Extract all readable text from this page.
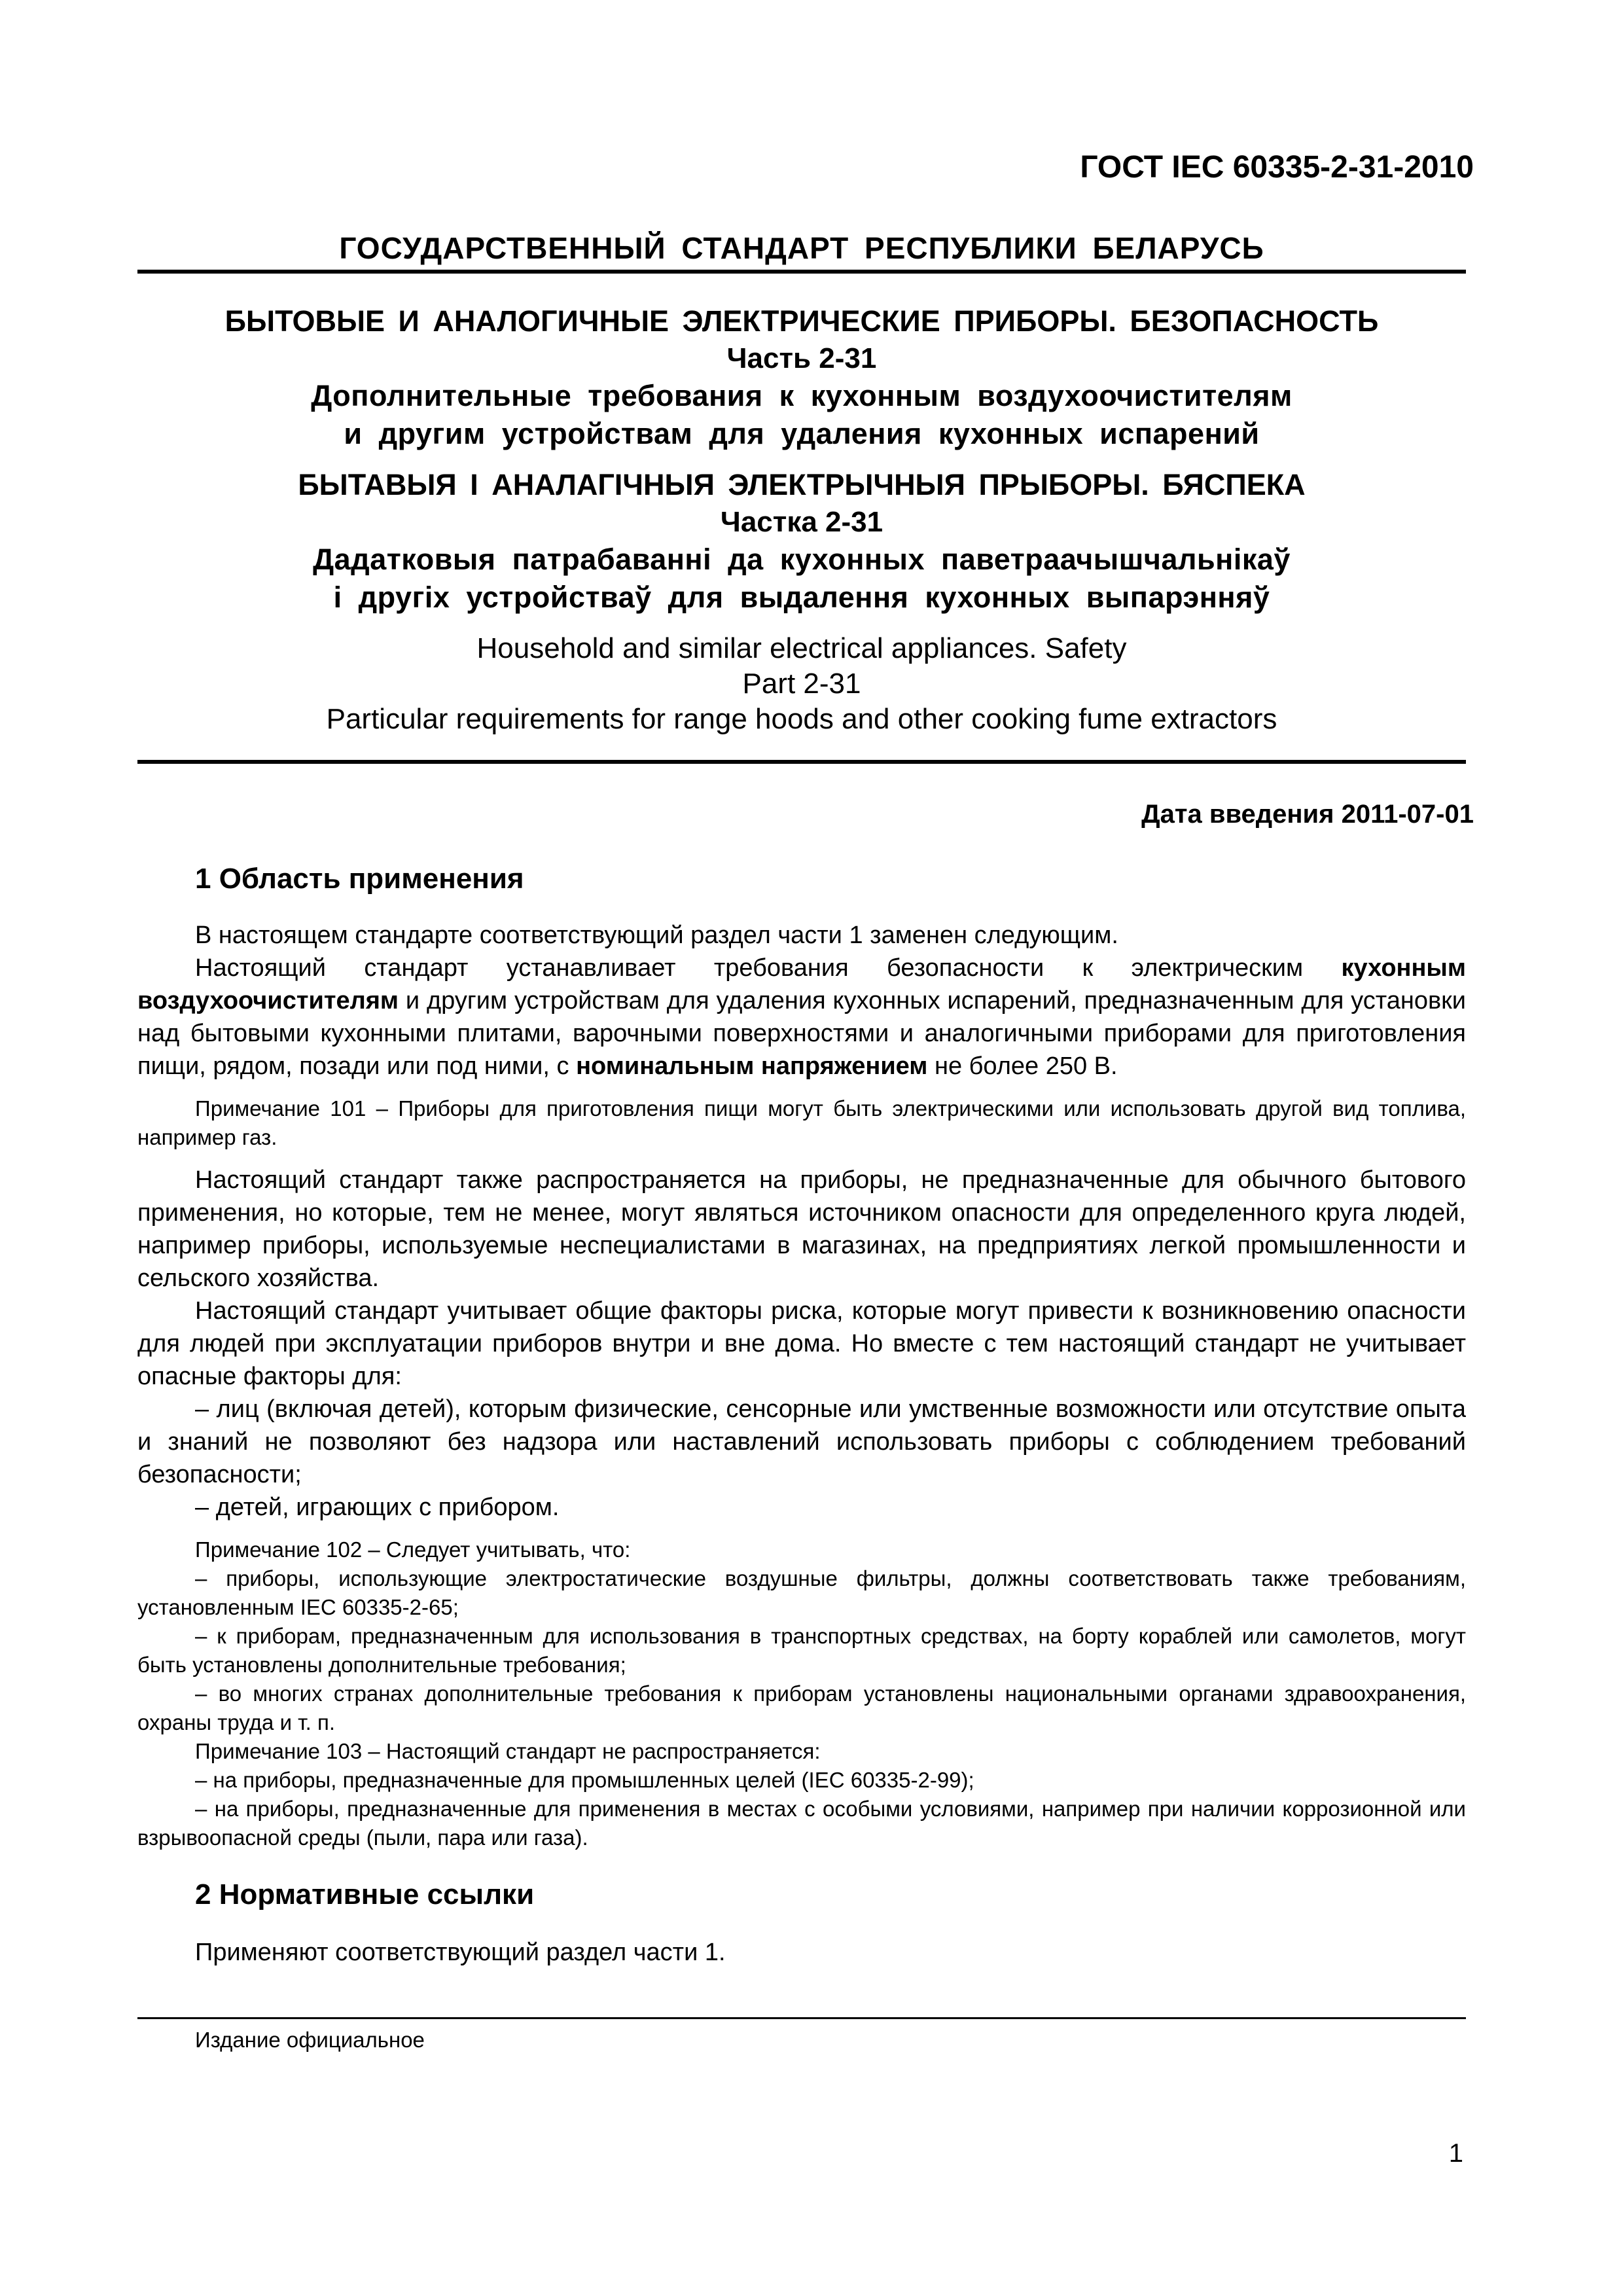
ГОСТ IEC 60335-2-31-2010
ГОСУДАРСТВЕННЫЙ СТАНДАРТ РЕСПУБЛИКИ БЕЛАРУСЬ
БЫТОВЫЕ И АНАЛОГИЧНЫЕ ЭЛЕКТРИЧЕСКИЕ ПРИБОРЫ. БЕЗОПАСНОСТЬ
Часть 2-31
Дополнительные требования к кухонным воздухоочистителям
и другим устройствам для удаления кухонных испарений
БЫТАВЫЯ І АНАЛАГІЧНЫЯ ЭЛЕКТРЫЧНЫЯ ПРЫБОРЫ. БЯСПЕКА
Частка 2-31
Дадатковыя патрабаванні да кухонных паветраачышчальнікаў
і другіх устройстваў для выдалення кухонных выпарэнняў
Household and similar electrical appliances. Safety
Part 2-31
Particular requirements for range hoods and other cooking fume extractors
Дата введения 2011-07-01
1 Область применения

В настоящем стандарте соответствующий раздел части 1 заменен следующим.

Настоящий стандарт устанавливает требования безопасности к электрическим кухонным воздухоочистителям и другим устройствам для удаления кухонных испарений, предназначенным для установки над бытовыми кухонными плитами, варочными поверхностями и аналогичными приборами для приготовления пищи, рядом, позади или под ними, с номинальным напряжением не более 250 В.

Примечание 101 – Приборы для приготовления пищи могут быть электрическими или использовать другой вид топлива, например газ.

Настоящий стандарт также распространяется на приборы, не предназначенные для обычного бытового применения, но которые, тем не менее, могут являться источником опасности для определенного круга людей, например приборы, используемые неспециалистами в магазинах, на предприятиях легкой промышленности и сельского хозяйства.

Настоящий стандарт учитывает общие факторы риска, которые могут привести к возникновению опасности для людей при эксплуатации приборов внутри и вне дома. Но вместе с тем настоящий стандарт не учитывает опасные факторы для:

– лиц (включая детей), которым физические, сенсорные или умственные возможности или отсутствие опыта и знаний не позволяют без надзора или наставлений использовать приборы с соблюдением требований безопасности;

– детей, играющих с прибором.

Примечание 102 – Следует учитывать, что:

– приборы, использующие электростатические воздушные фильтры, должны соответствовать также требованиям, установленным IEC 60335-2-65;

– к приборам, предназначенным для использования в транспортных средствах, на борту кораблей или самолетов, могут быть установлены дополнительные требования;

– во многих странах дополнительные требования к приборам установлены национальными органами здравоохранения, охраны труда и т. п.

Примечание 103 – Настоящий стандарт не распространяется:

– на приборы, предназначенные для промышленных целей (IEC 60335-2-99);

– на приборы, предназначенные для применения в местах с особыми условиями, например при наличии коррозионной или взрывоопасной среды (пыли, пара или газа).

2 Нормативные ссылки

Применяют соответствующий раздел части 1.

Издание официальное
1
